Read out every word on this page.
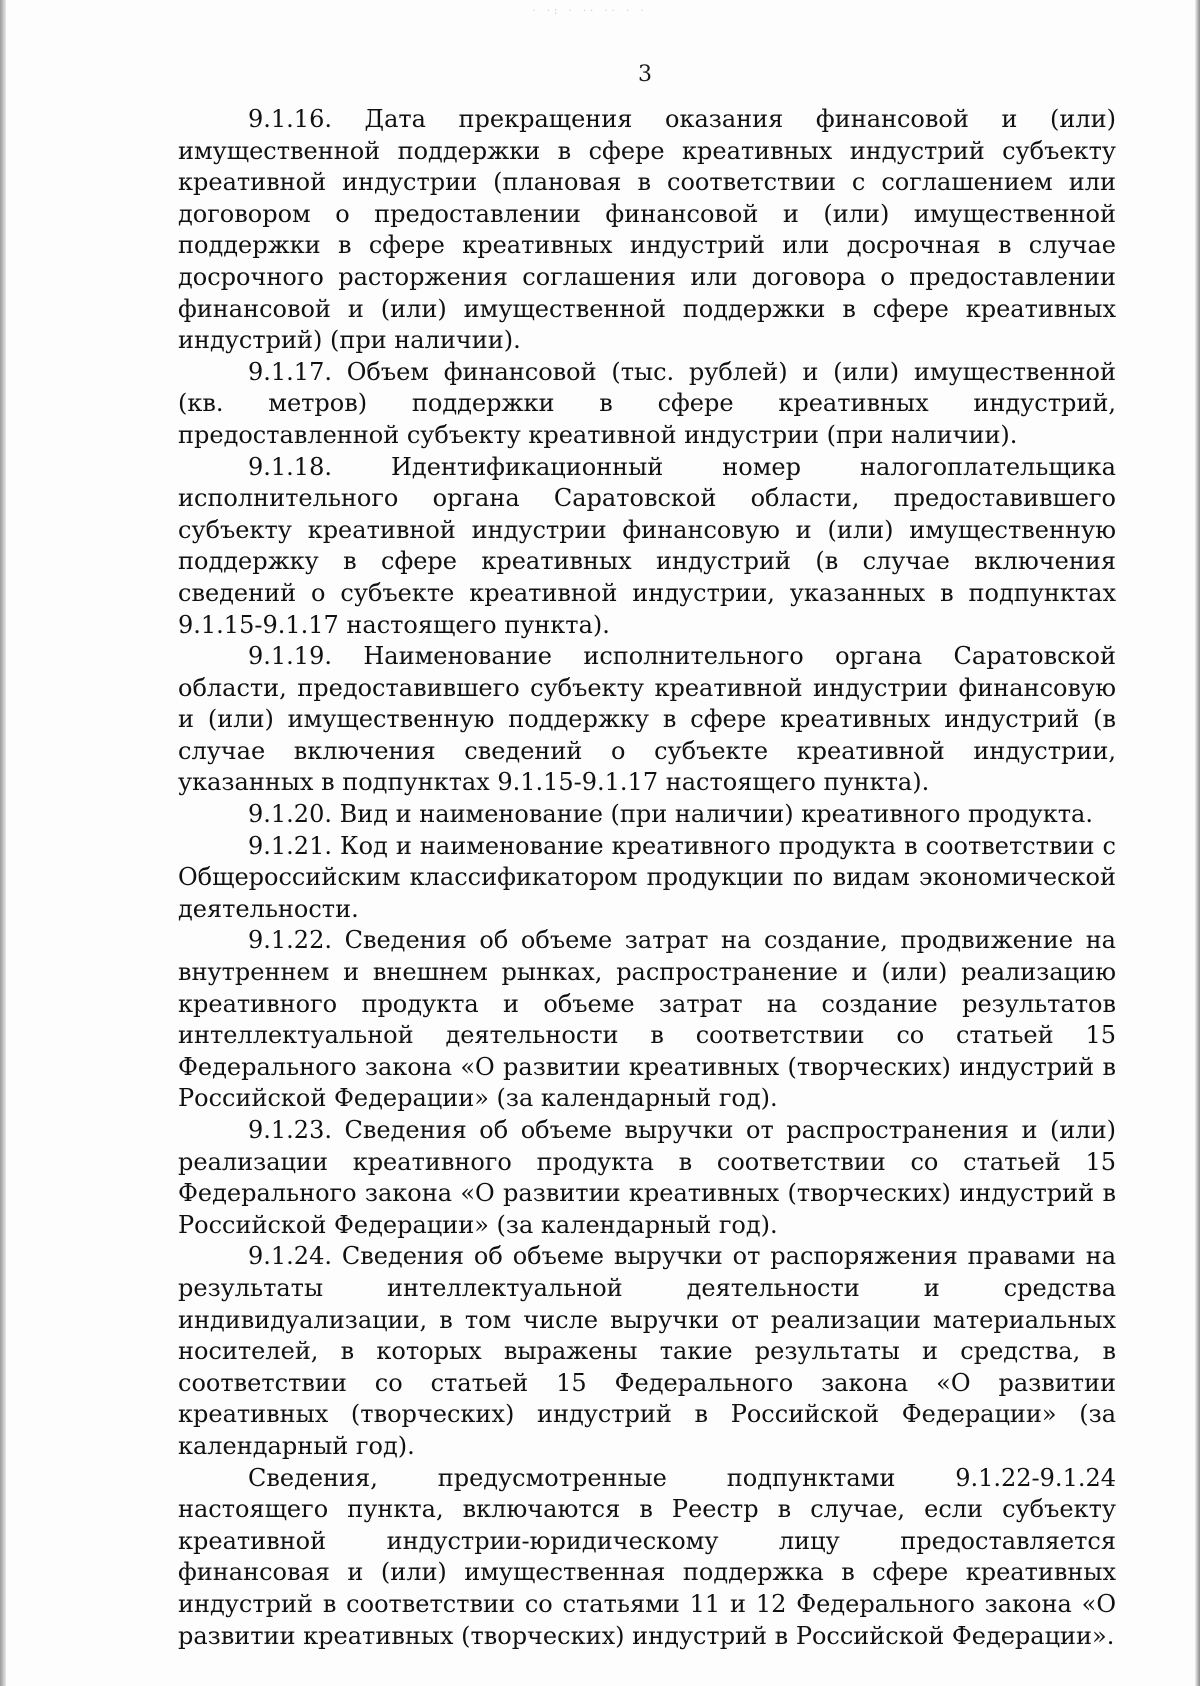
· ·: · ·· ·· · ·
3

9.1.16. Дата прекращения оказания финансовой и (или) имущественной поддержки в сфере креативных индустрий субъекту креативной индустрии (плановая в соответствии с соглашением или договором о предоставлении финансовой и (или) имущественной поддержки в сфере креативных индустрий или досрочная в случае досрочного расторжения соглашения или договора о предоставлении финансовой и (или) имущественной поддержки в сфере креативных индустрий) (при наличии).

9.1.17. Объем финансовой (тыс. рублей) и (или) имущественной (кв. метров) поддержки в сфере креативных индустрий, предоставленной субъекту креативной индустрии (при наличии).

9.1.18. Идентификационный номер налогоплательщика исполнительного органа Саратовской области, предоставившего субъекту креативной индустрии финансовую и (или) имущественную поддержку в сфере креативных индустрий (в случае включения сведений о субъекте креативной индустрии, указанных в подпунктах 9.1.15-9.1.17 настоящего пункта).

9.1.19. Наименование исполнительного органа Саратовской области, предоставившего субъекту креативной индустрии финансовую и (или) имущественную поддержку в сфере креативных индустрий (в случае включения сведений о субъекте креативной индустрии, указанных в подпунктах 9.1.15-9.1.17 настоящего пункта).

9.1.20. Вид и наименование (при наличии) креативного продукта.

9.1.21. Код и наименование креативного продукта в соответствии с Общероссийским классификатором продукции по видам экономической деятельности.

9.1.22. Сведения об объеме затрат на создание, продвижение на внутреннем и внешнем рынках, распространение и (или) реализацию креативного продукта и объеме затрат на создание результатов интеллектуальной деятельности в соответствии со статьей 15 Федерального закона «О развитии креативных (творческих) индустрий в Российской Федерации» (за календарный год).

9.1.23. Сведения об объеме выручки от распространения и (или) реализации креативного продукта в соответствии со статьей 15 Федерального закона «О развитии креативных (творческих) индустрий в Российской Федерации» (за календарный год).

9.1.24. Сведения об объеме выручки от распоряжения правами на результаты интеллектуальной деятельности и средства индивидуализации, в том числе выручки от реализации материальных носителей, в которых выражены такие результаты и средства, в соответствии со статьей 15 Федерального закона «О развитии креативных (творческих) индустрий в Российской Федерации» (за календарный год).

Сведения, предусмотренные подпунктами 9.1.22-9.1.24 настоящего пункта, включаются в Реестр в случае, если субъекту креативной индустрии-юридическому лицу предоставляется финансовая и (или) имущественная поддержка в сфере креативных индустрий в соответствии со статьями 11 и 12 Федерального закона «О развитии креативных (творческих) индустрий в Российской Федерации».
